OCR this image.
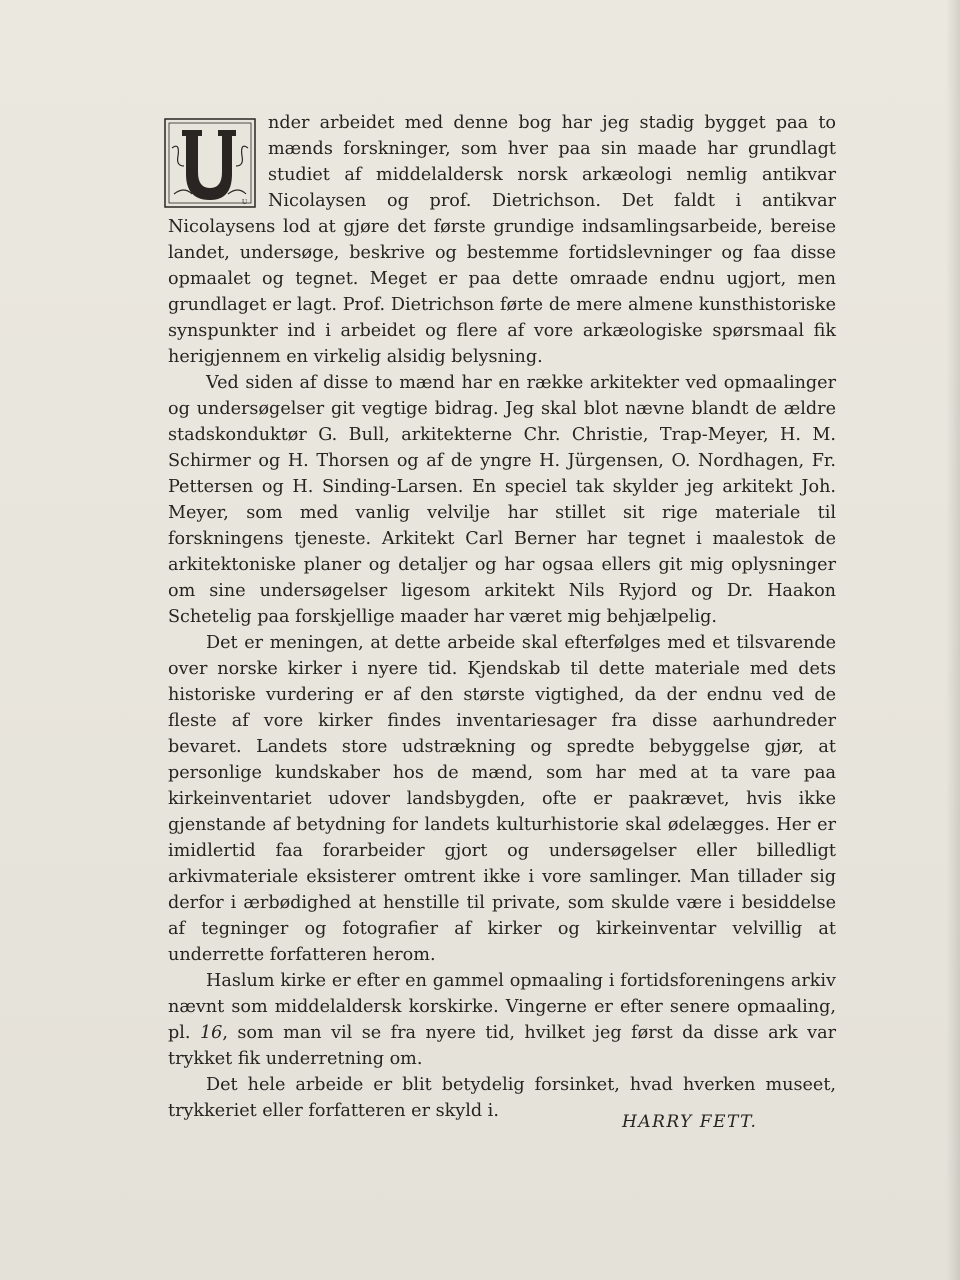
U
nder arbeidet med denne bog har jeg stadig bygget paa to mænds forskninger, som hver paa sin maade har grundlagt studiet af middelaldersk norsk arkæologi nemlig antikvar Nicolaysen og prof. Dietrichson. Det faldt i antikvar Nicolaysens lod at gjøre det første grundige indsamlingsarbeide, bereise landet, undersøge, beskrive og bestemme fortidslevninger og faa disse opmaalet og tegnet. Meget er paa dette omraade endnu ugjort, men grundlaget er lagt. Prof. Dietrichson førte de mere almene kunsthistoriske synspunkter ind i arbeidet og flere af vore arkæologiske spørsmaal fik herigjennem en virkelig alsidig belysning.

Ved siden af disse to mænd har en række arkitekter ved opmaalinger og undersøgelser git vegtige bidrag. Jeg skal blot nævne blandt de ældre stadskonduktør G. Bull, arkitekterne Chr. Christie, Trap-Meyer, H. M. Schirmer og H. Thorsen og af de yngre H. Jürgensen, O. Nordhagen, Fr. Pettersen og H. Sinding-Larsen. En speciel tak skylder jeg arkitekt Joh. Meyer, som med vanlig velvilje har stillet sit rige materiale til forskningens tjeneste. Arkitekt Carl Berner har tegnet i maalestok de arkitektoniske planer og detaljer og har ogsaa ellers git mig oplysninger om sine undersøgelser ligesom arkitekt Nils Ryjord og Dr. Haakon Schetelig paa forskjellige maader har været mig behjælpelig.

Det er meningen, at dette arbeide skal efterfølges med et tilsvarende over norske kirker i nyere tid. Kjendskab til dette materiale med dets historiske vurdering er af den største vigtighed, da der endnu ved de fleste af vore kirker findes inventariesager fra disse aarhundreder bevaret. Landets store udstrækning og spredte bebyggelse gjør, at personlige kundskaber hos de mænd, som har med at ta vare paa kirkeinventariet udover landsbygden, ofte er paakrævet, hvis ikke gjenstande af betydning for landets kulturhistorie skal ødelægges. Her er imidlertid faa forarbeider gjort og undersøgelser eller billedligt arkivmateriale eksisterer omtrent ikke i vore samlinger. Man tillader sig derfor i ærbødighed at henstille til private, som skulde være i besiddelse af tegninger og fotografier af kirker og kirkeinventar velvillig at underrette forfatteren herom.

Haslum kirke er efter en gammel opmaaling i fortidsforeningens arkiv nævnt som middelaldersk korskirke. Vingerne er efter senere opmaaling, pl. 16, som man vil se fra nyere tid, hvilket jeg først da disse ark var trykket fik underretning om.

Det hele arbeide er blit betydelig forsinket, hvad hverken museet, trykkeriet eller forfatteren er skyld i.

HARRY FETT.
